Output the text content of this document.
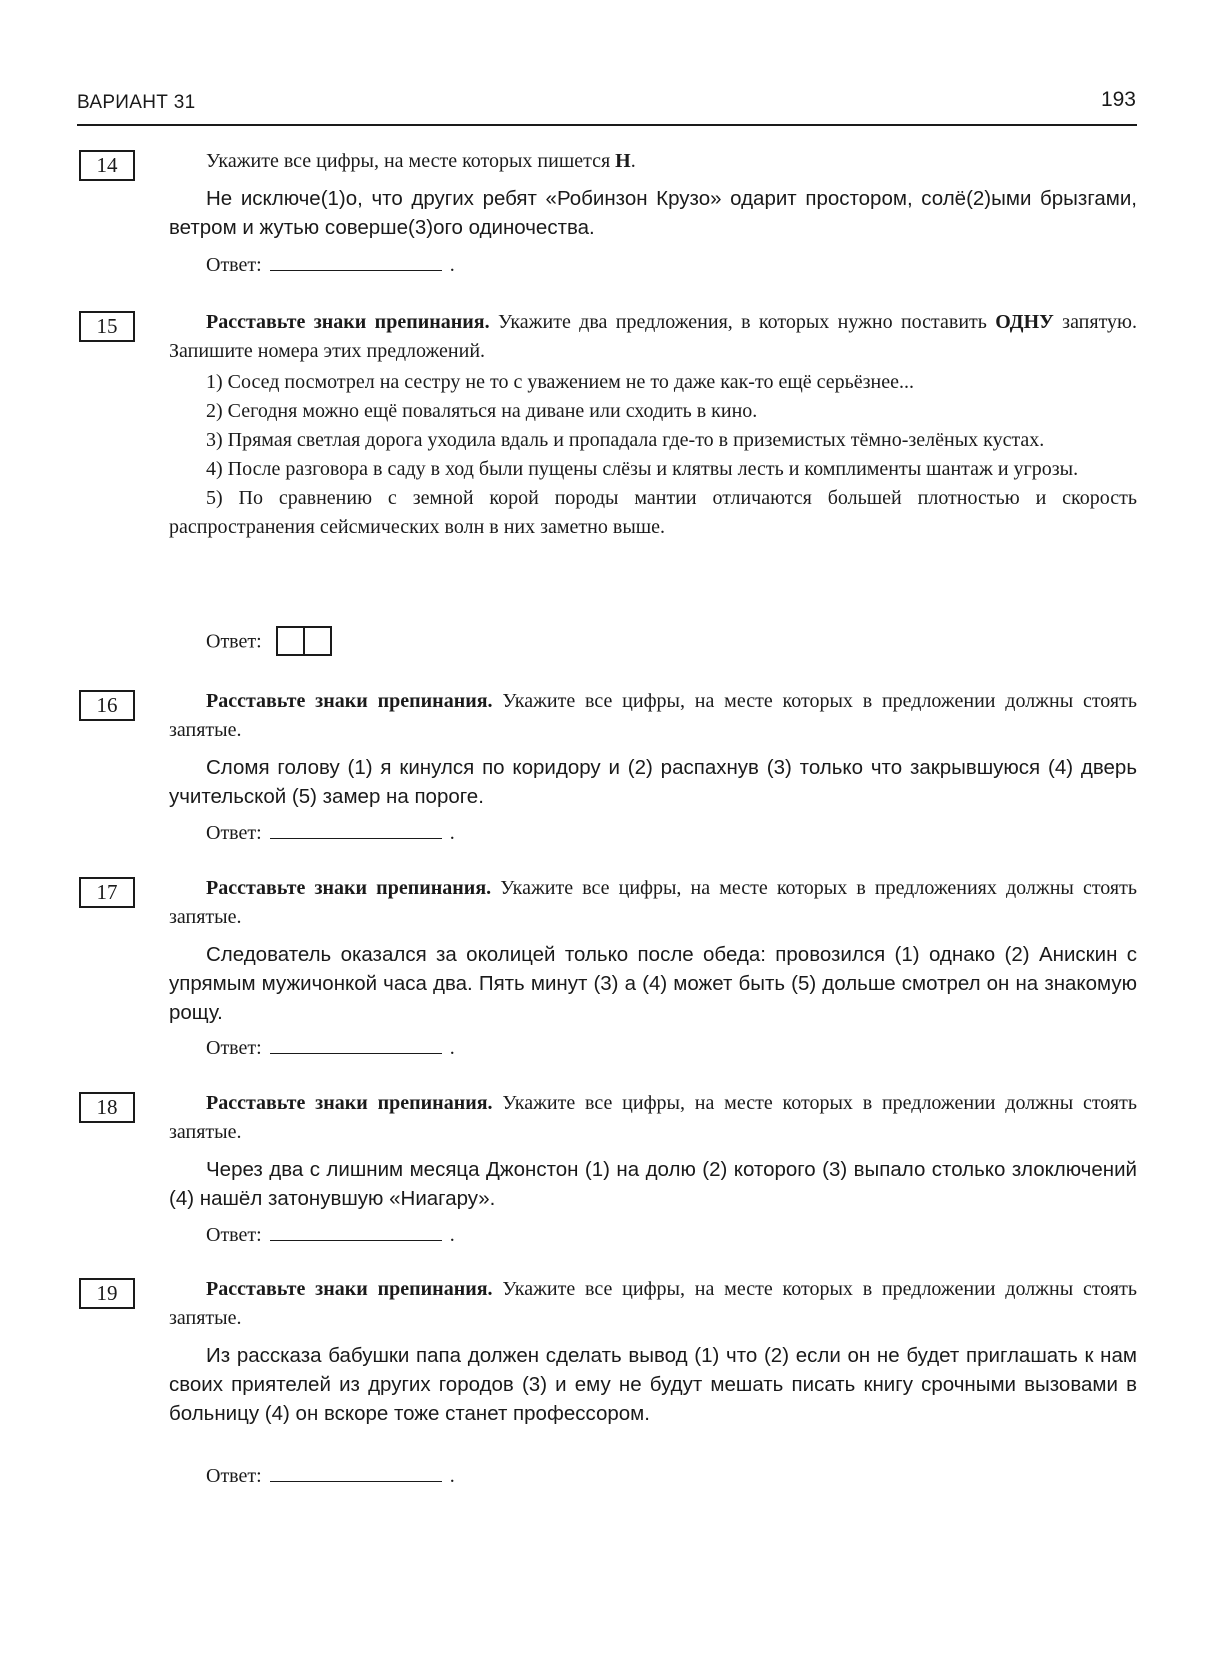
ВАРИАНТ 31	193
14	Укажите все цифры, на месте которых пишется Н.

Не исключе(1)о, что других ребят «Робинзон Крузо» одарит простором, солё(2)ыми брызгами, ветром и жутью соверше(3)ого одиночества.

Ответ:	.
15	Расставьте знаки препинания. Укажите два предложения, в которых нужно поставить ОДНУ запятую. Запишите номера этих предложений.

1) Сосед посмотрел на сестру не то с уважением не то даже как-то ещё серьёзнее...

2) Сегодня можно ещё поваляться на диване или сходить в кино.

3) Прямая светлая дорога уходила вдаль и пропадала где-то в приземистых тёмно-зелёных кустах.

4) После разговора в саду в ход были пущены слёзы и клятвы лесть и комплименты шантаж и угрозы.

5) По сравнению с земной корой породы мантии отличаются большей плотностью и скорость распространения сейсмических волн в них заметно выше.

Ответ:
16	Расставьте знаки препинания. Укажите все цифры, на месте которых в предложении должны стоять запятые.

Сломя голову (1) я кинулся по коридору и (2) распахнув (3) только что закрывшуюся (4) дверь учительской (5) замер на пороге.

Ответ:	.
17	Расставьте знаки препинания. Укажите все цифры, на месте которых в предложениях должны стоять запятые.

Следователь оказался за околицей только после обеда: провозился (1) однако (2) Анискин с упрямым мужичонкой часа два. Пять минут (3) а (4) может быть (5) дольше смотрел он на знакомую рощу.

Ответ:	.
18	Расставьте знаки препинания. Укажите все цифры, на месте которых в предложении должны стоять запятые.

Через два с лишним месяца Джонстон (1) на долю (2) которого (3) выпало столько злоключений (4) нашёл затонувшую «Ниагару».

Ответ:	.
19	Расставьте знаки препинания. Укажите все цифры, на месте которых в предложении должны стоять запятые.

Из рассказа бабушки папа должен сделать вывод (1) что (2) если он не будет приглашать к нам своих приятелей из других городов (3) и ему не будут мешать писать книгу срочными вызовами в больницу (4) он вскоре тоже станет профессором.

Ответ:	.
